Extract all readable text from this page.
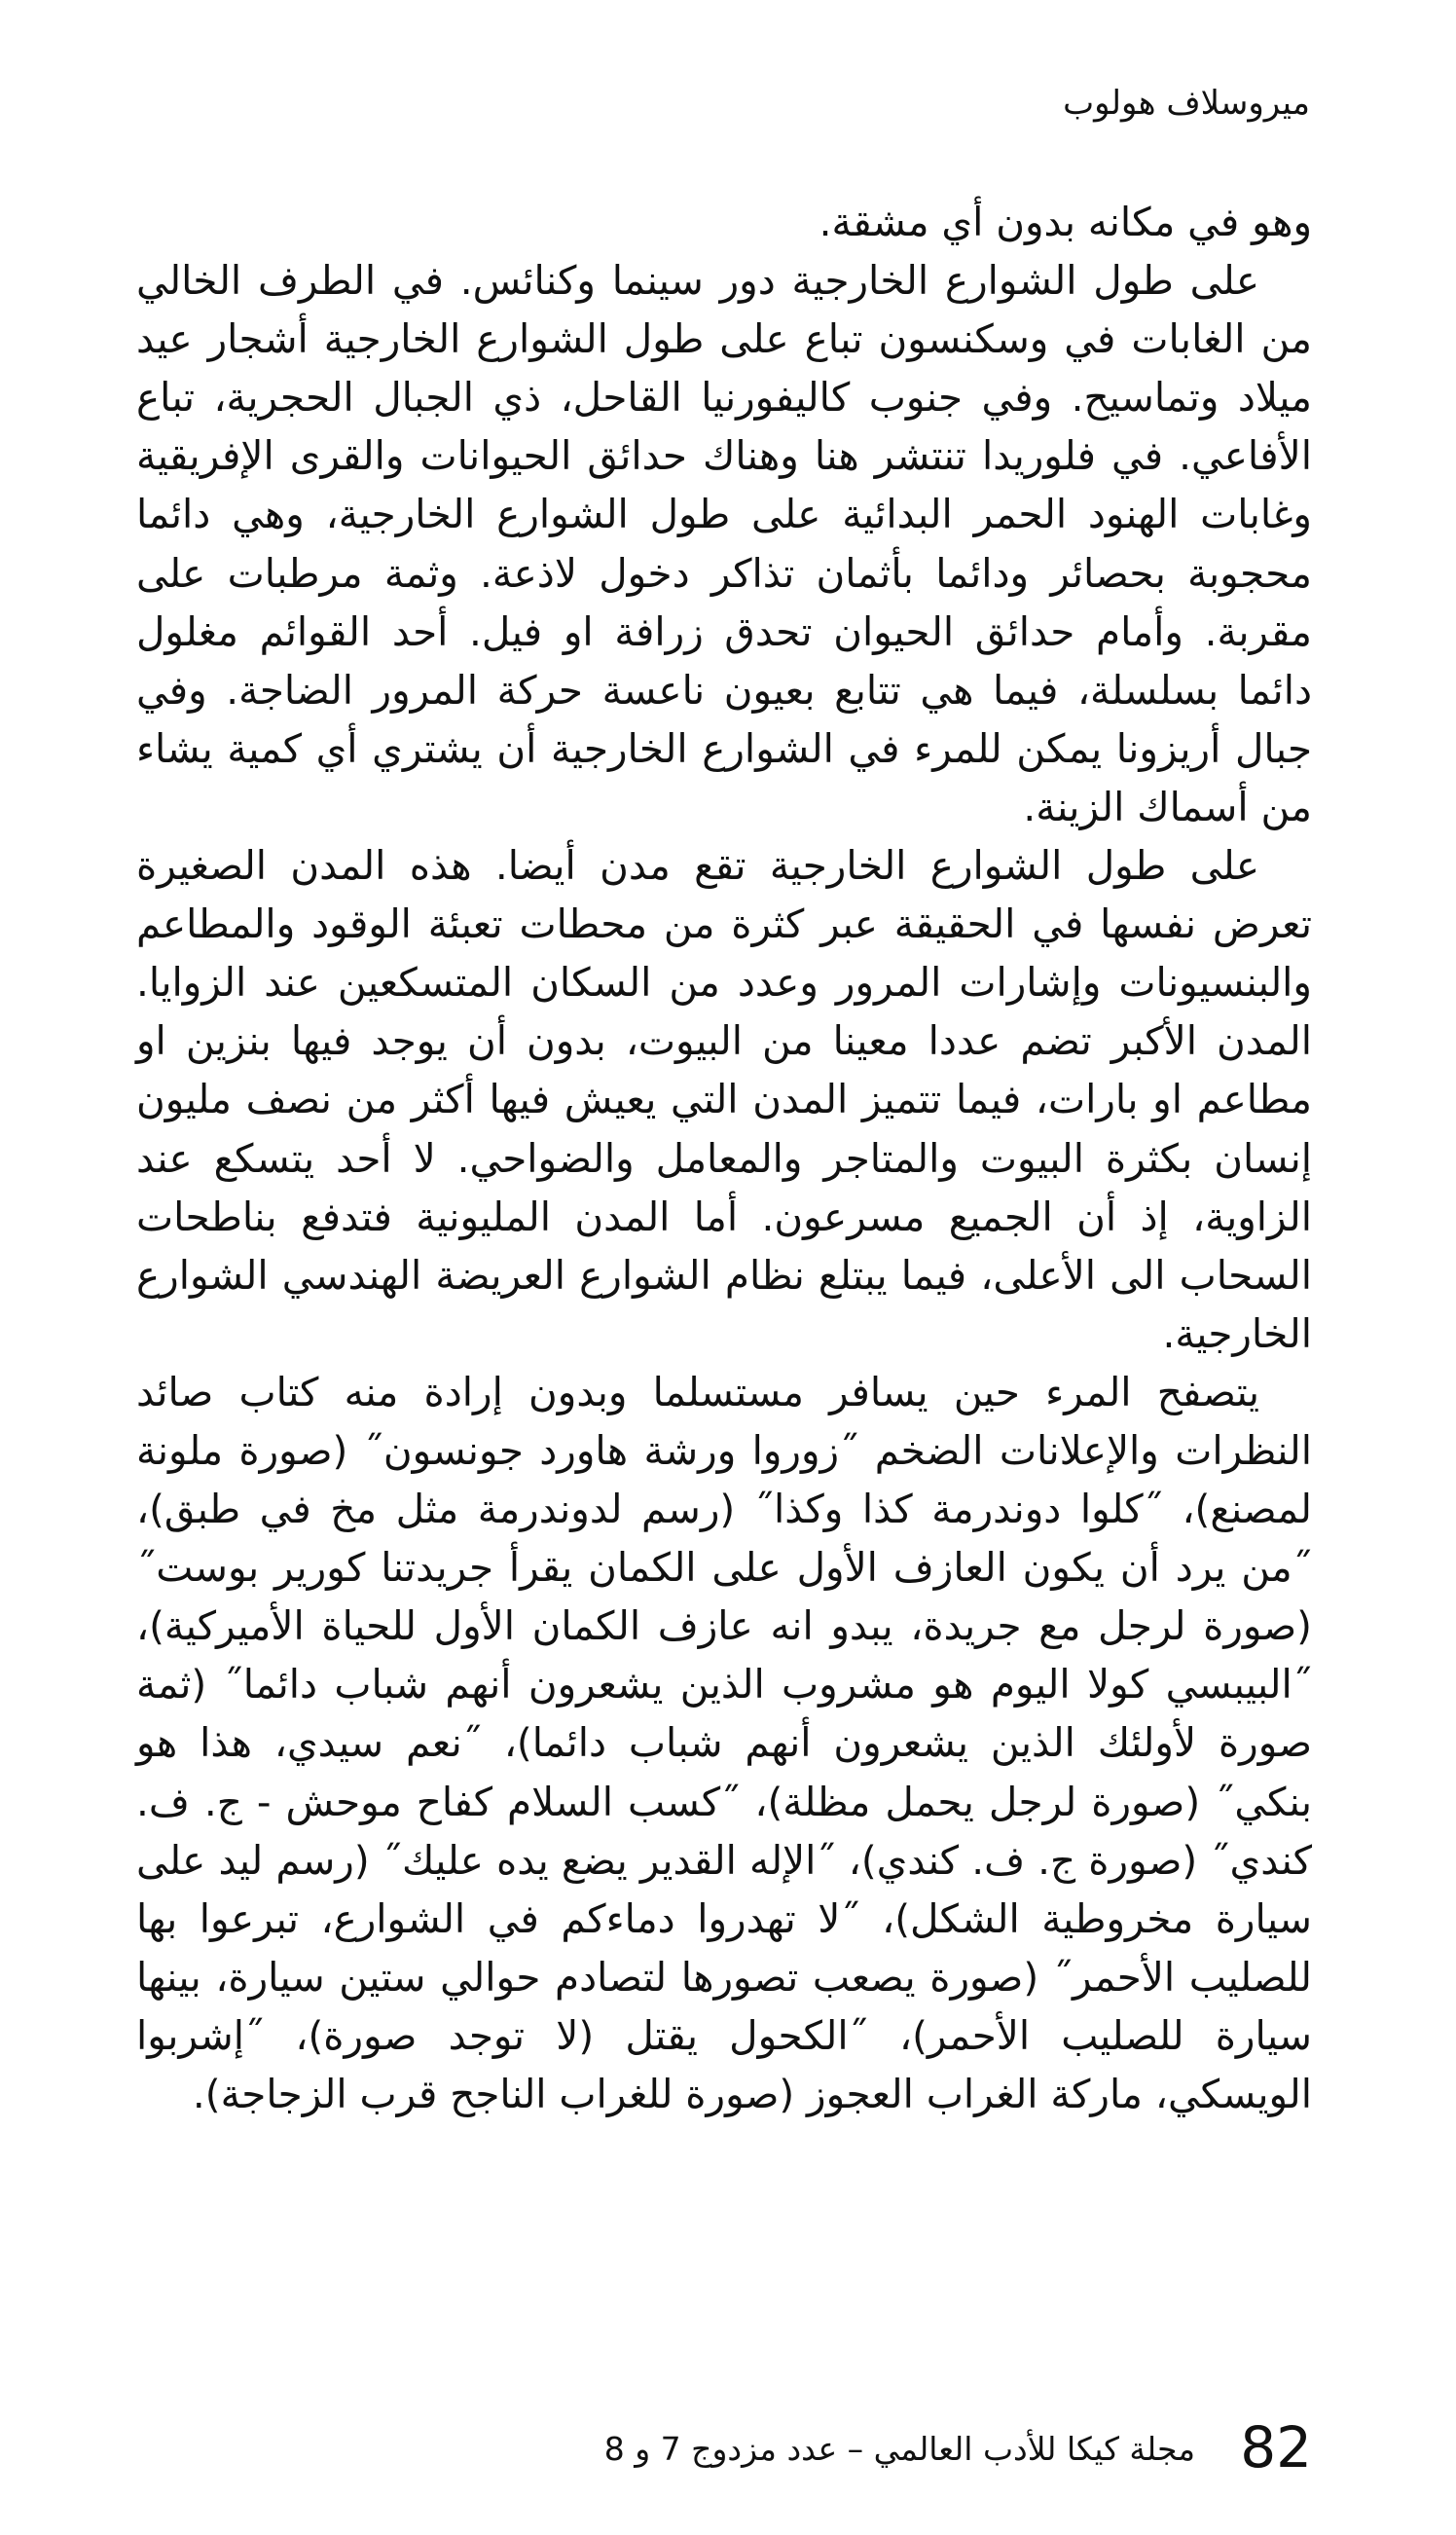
ميروسلاف هولوب

وهو في مكانه بدون أي مشقة.

على طول الشوارع الخارجية دور سينما وكنائس. في الطرف الخالي من الغابات في وسكنسون تباع على طول الشوارع الخارجية أشجار عيد ميلاد وتماسيح. وفي جنوب كاليفورنيا القاحل، ذي الجبال الحجرية، تباع الأفاعي. في فلوريدا تنتشر هنا وهناك حدائق الحيوانات والقرى الإفريقية وغابات الهنود الحمر البدائية على طول الشوارع الخارجية، وهي دائما محجوبة بحصائر ودائما بأثمان تذاكر دخول لاذعة. وثمة مرطبات على مقربة. وأمام حدائق الحيوان تحدق زرافة او فيل. أحد القوائم مغلول دائما بسلسلة، فيما هي تتابع بعيون ناعسة حركة المرور الضاجة. وفي جبال أريزونا يمكن للمرء في الشوارع الخارجية أن يشتري أي كمية يشاء من أسماك الزينة.

على طول الشوارع الخارجية تقع مدن أيضا. هذه المدن الصغيرة تعرض نفسها في الحقيقة عبر كثرة من محطات تعبئة الوقود والمطاعم والبنسيونات وإشارات المرور وعدد من السكان المتسكعين عند الزوايا. المدن الأكبر تضم عددا معينا من البيوت، بدون أن يوجد فيها بنزين او مطاعم او بارات، فيما تتميز المدن التي يعيش فيها أكثر من نصف مليون إنسان بكثرة البيوت والمتاجر والمعامل والضواحي. لا أحد يتسكع عند الزاوية، إذ أن الجميع مسرعون. أما المدن المليونية فتدفع بناطحات السحاب الى الأعلى، فيما يبتلع نظام الشوارع العريضة الهندسي الشوارع الخارجية.

يتصفح المرء حين يسافر مستسلما وبدون إرادة منه كتاب صائد النظرات والإعلانات الضخم ˝زوروا ورشة هاورد جونسون˝ (صورة ملونة لمصنع)، ˝كلوا دوندرمة كذا وكذا˝ (رسم لدوندرمة مثل مخ في طبق)، ˝من يرد أن يكون العازف الأول على الكمان يقرأ جريدتنا كورير بوست˝ (صورة لرجل مع جريدة، يبدو انه عازف الكمان الأول للحياة الأميركية)، ˝البيبسي كولا اليوم هو مشروب الذين يشعرون أنهم شباب دائما˝ (ثمة صورة لأولئك الذين يشعرون أنهم شباب دائما)، ˝نعم سيدي، هذا هو بنكي˝ (صورة لرجل يحمل مظلة)، ˝كسب السلام كفاح موحش - ج. ف. كندي˝ (صورة ج. ف. كندي)، ˝الإله القدير يضع يده عليك˝ (رسم ليد على سيارة مخروطية الشكل)، ˝لا تهدروا دماءكم في الشوارع، تبرعوا بها للصليب الأحمر˝ (صورة يصعب تصورها لتصادم حوالي ستين سيارة، بينها سيارة للصليب الأحمر)، ˝الكحول يقتل (لا توجد صورة)، ˝إشربوا الويسكي، ماركة الغراب العجوز (صورة للغراب الناجح قرب الزجاجة).

82
مجلة كيكا للأدب العالمي – عدد مزدوج 7 و 8
